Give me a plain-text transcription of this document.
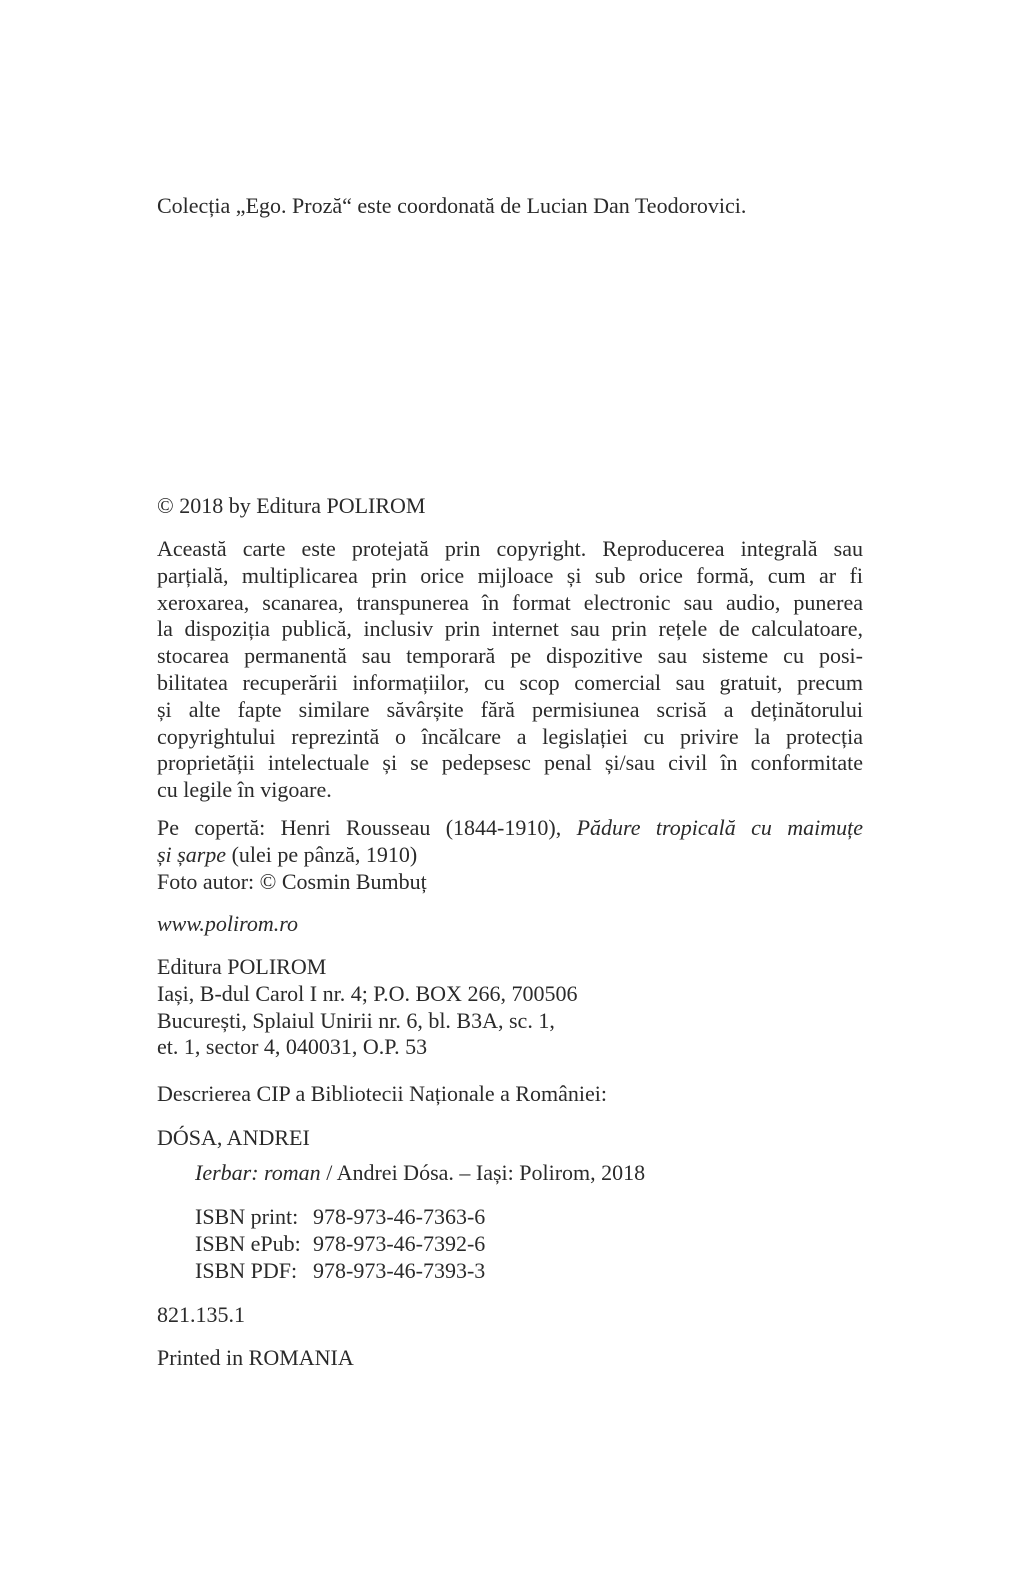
Colecția „Ego. Proză“ este coordonată de Lucian Dan Teodorovici.
© 2018 by Editura POLIROM
Această carte este protejată prin copyright. Reproducerea integrală sau
parțială, multiplicarea prin orice mijloace și sub orice formă, cum ar fi
xeroxarea, scanarea, transpunerea în format electronic sau audio, punerea
la dispoziția publică, inclusiv prin internet sau prin rețele de calculatoare,
stocarea permanentă sau temporară pe dispozitive sau sisteme cu posi-
bilitatea recuperării informațiilor, cu scop comercial sau gratuit, precum
și alte fapte similare săvârșite fără permisiunea scrisă a deținătorului
copyrightului reprezintă o încălcare a legislației cu privire la protecția
proprietății intelectuale și se pedepsesc penal și/sau civil în conformitate
cu legile în vigoare.
Pe copertă: Henri Rousseau (1844-1910), Pădure tropicală cu maimuțe
și șarpe (ulei pe pânză, 1910)
Foto autor: © Cosmin Bumbuț
www.polirom.ro
Editura POLIROM
Iași, B-dul Carol I nr. 4; P.O. BOX 266, 700506
București, Splaiul Unirii nr. 6, bl. B3A, sc. 1,
et. 1, sector 4, 040031, O.P. 53
Descrierea CIP a Bibliotecii Naționale a României:
DÓSA, ANDREI
Ierbar: roman / Andrei Dósa. – Iași: Polirom, 2018
ISBN print: 978-973-46-7363-6
ISBN ePub: 978-973-46-7392-6
ISBN PDF: 978-973-46-7393-3
821.135.1
Printed in ROMANIA
